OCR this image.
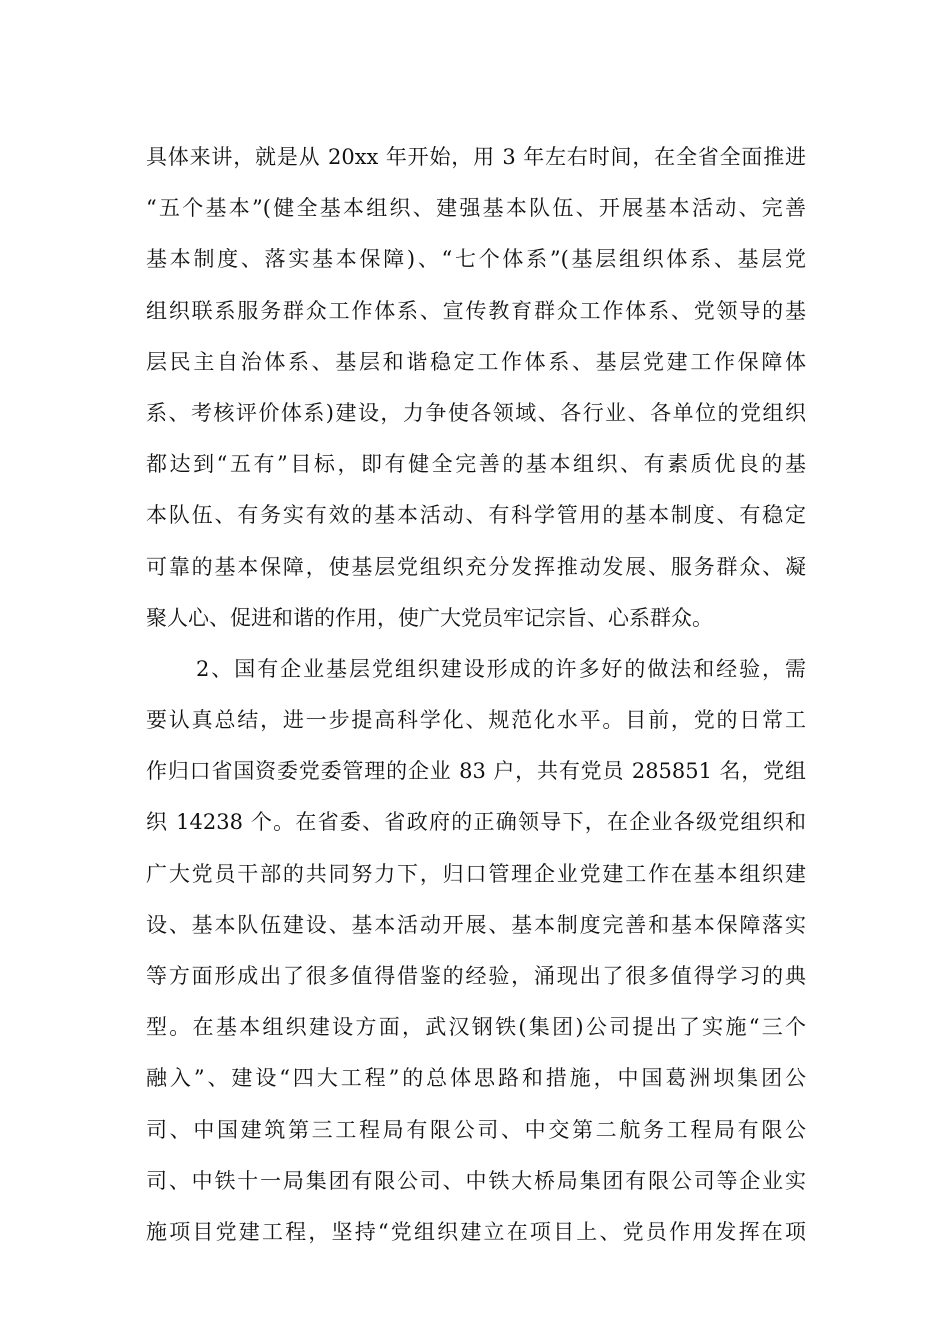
具体来讲，就是从 20xx 年开始，用 3 年左右时间，在全省全面推进
“五个基本”(健全基本组织、建强基本队伍、开展基本活动、完善
基本制度、落实基本保障)、“七个体系”(基层组织体系、基层党
组织联系服务群众工作体系、宣传教育群众工作体系、党领导的基
层民主自治体系、基层和谐稳定工作体系、基层党建工作保障体
系、考核评价体系)建设，力争使各领域、各行业、各单位的党组织
都达到“五有”目标，即有健全完善的基本组织、有素质优良的基
本队伍、有务实有效的基本活动、有科学管用的基本制度、有稳定
可靠的基本保障，使基层党组织充分发挥推动发展、服务群众、凝
聚人心、促进和谐的作用，使广大党员牢记宗旨、心系群众。
2、国有企业基层党组织建设形成的许多好的做法和经验，需
要认真总结，进一步提高科学化、规范化水平。目前，党的日常工
作归口省国资委党委管理的企业 83 户，共有党员 285851 名，党组
织 14238 个。在省委、省政府的正确领导下，在企业各级党组织和
广大党员干部的共同努力下，归口管理企业党建工作在基本组织建
设、基本队伍建设、基本活动开展、基本制度完善和基本保障落实
等方面形成出了很多值得借鉴的经验，涌现出了很多值得学习的典
型。在基本组织建设方面，武汉钢铁(集团)公司提出了实施“三个
融入”、建设“四大工程”的总体思路和措施，中国葛洲坝集团公
司、中国建筑第三工程局有限公司、中交第二航务工程局有限公
司、中铁十一局集团有限公司、中铁大桥局集团有限公司等企业实
施项目党建工程，坚持“党组织建立在项目上、党员作用发挥在项
